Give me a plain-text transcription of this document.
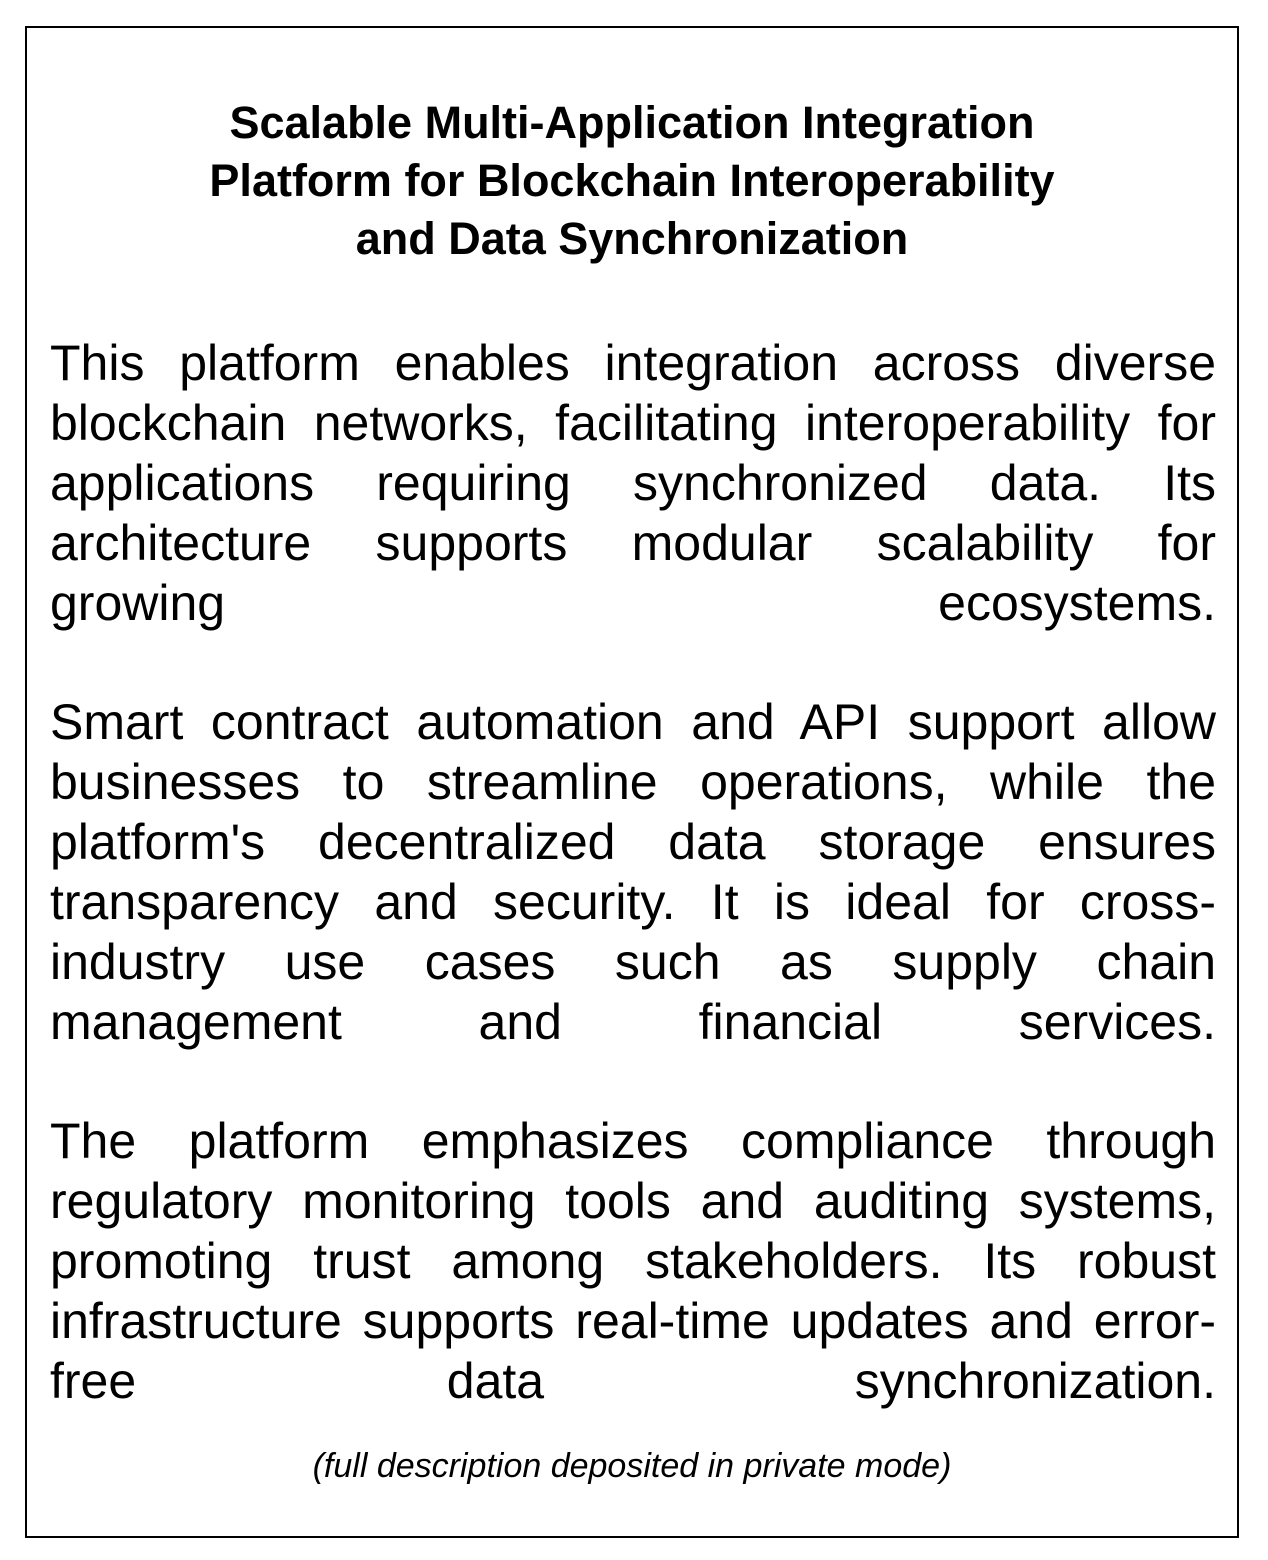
Scalable Multi-Application Integration
Platform for Blockchain Interoperability
and Data Synchronization
This platform enables integration across diverse
blockchain networks, facilitating interoperability for
applications requiring synchronized data. Its
architecture supports modular scalability for
growing ecosystems.
Smart contract automation and API support allow
businesses to streamline operations, while the
platform's decentralized data storage ensures
transparency and security. It is ideal for cross-
industry use cases such as supply chain
management and financial services.
The platform emphasizes compliance through
regulatory monitoring tools and auditing systems,
promoting trust among stakeholders. Its robust
infrastructure supports real-time updates and error-
free data synchronization.

(full description deposited in private mode)
